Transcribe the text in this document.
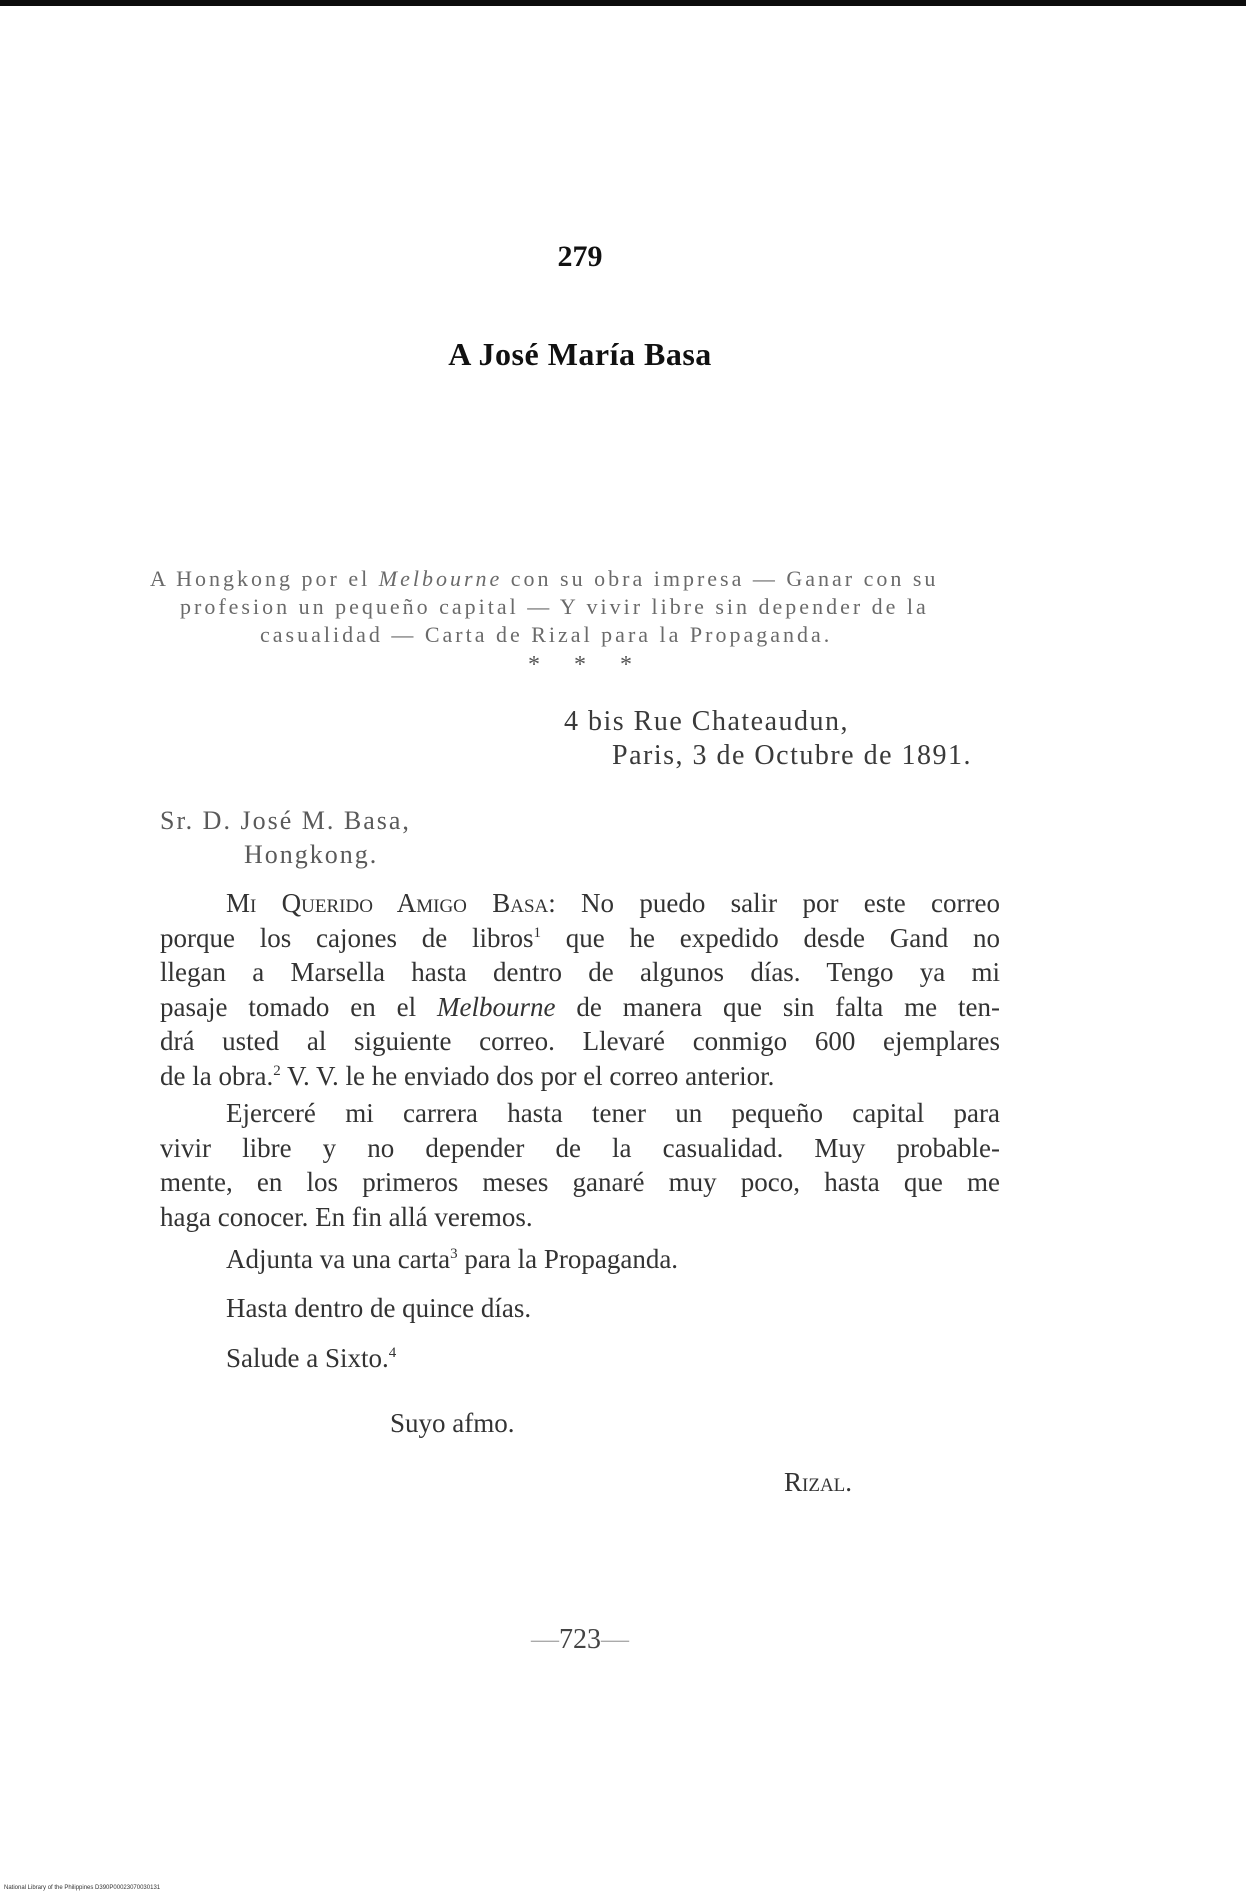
279
A José María Basa
A Hongkong por el Melbourne con su obra impresa — Ganar con su
profesion un pequeño capital — Y vivir libre sin depender de la
casualidad — Carta de Rizal para la Propaganda.
* * *
4 bis Rue Chateaudun,
Paris, 3 de Octubre de 1891.
Sr. D. José M. Basa,
Hongkong.
Mi Querido Amigo Basa: No puedo salir por este correo
porque los cajones de libros$^1$ que he expedido desde Gand no
llegan a Marsella hasta dentro de algunos días. Tengo ya mi
pasaje tomado en el Melbourne de manera que sin falta me ten-
drá usted al siguiente correo. Llevaré conmigo 600 ejemplares
de la obra.$^2$ V. V. le he enviado dos por el correo anterior.
Ejerceré mi carrera hasta tener un pequeño capital para
vivir libre y no depender de la casualidad. Muy probable-
mente, en los primeros meses ganaré muy poco, hasta que me
haga conocer. En fin allá veremos.
Adjunta va una carta$^3$ para la Propaganda.
Hasta dentro de quince días.
Salude a Sixto.$^4$
Suyo afmo.
Rizal.
—723—
National Library of the Philippines D390P00023070030131
